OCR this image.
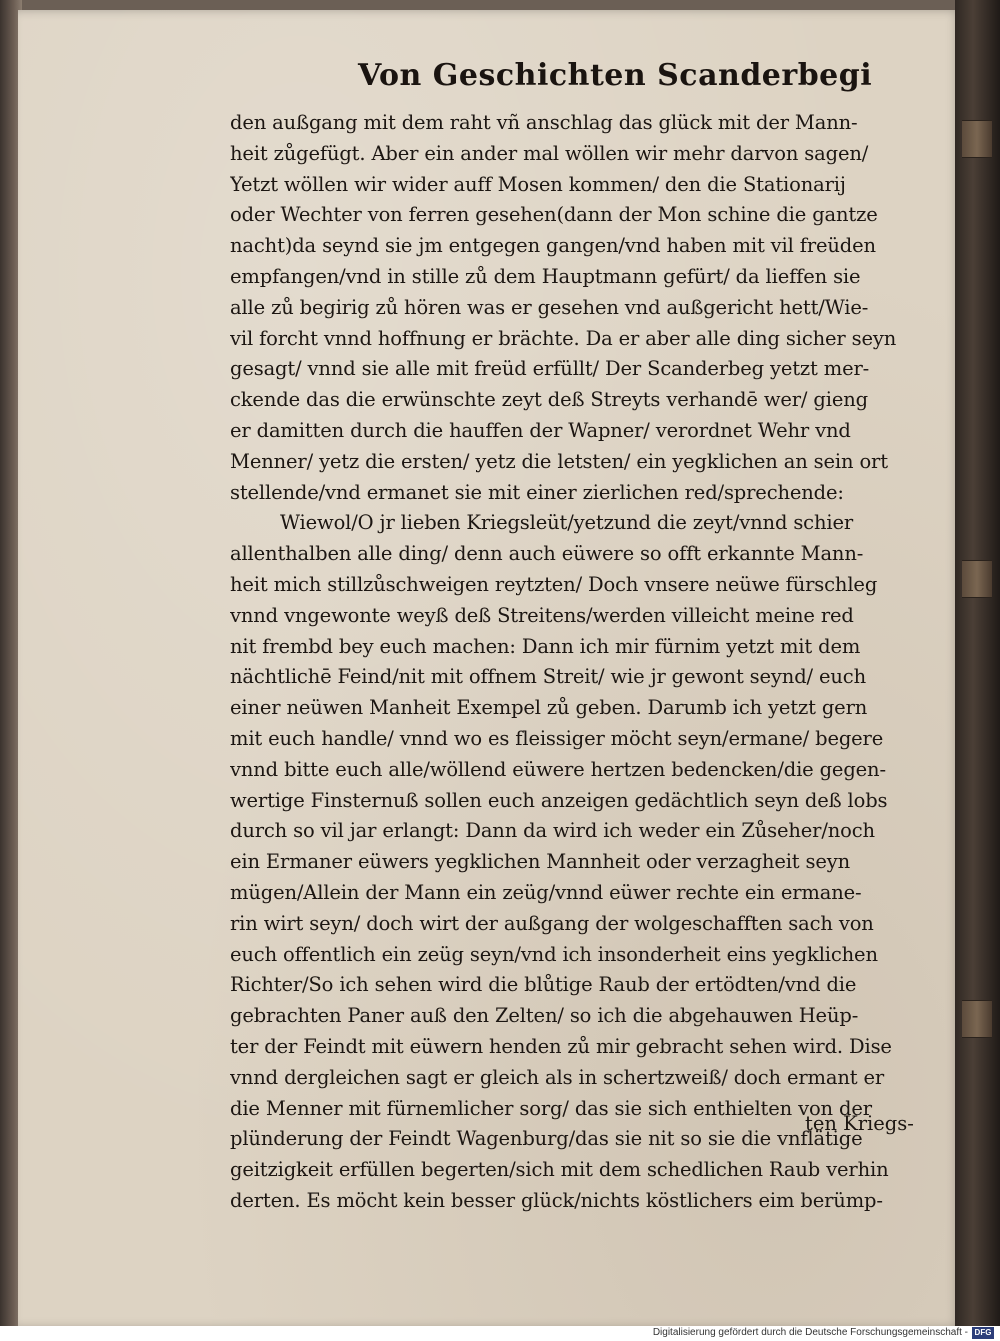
Von Geschichten Scanderbegi
den außgang mit dem raht vñ anschlag das glück mit der Mann-
heit zůgefügt. Aber ein ander mal wöllen wir mehr darvon sagen/
Yetzt wöllen wir wider auff Mosen kommen/ den die Stationarij
oder Wechter von ferren gesehen(dann der Mon schine die gantze
nacht)da seynd sie jm entgegen gangen/vnd haben mit vil freüden
empfangen/vnd in stille zů dem Hauptmann gefürt/ da lieffen sie
alle zů begirig zů hören was er gesehen vnd außgericht hett/Wie-
vil forcht vnnd hoffnung er brächte. Da er aber alle ding sicher seyn
gesagt/ vnnd sie alle mit freüd erfüllt/ Der Scanderbeg yetzt mer-
ckende das die erwünschte zeyt deß Streyts verhandē wer/ gieng
er damitten durch die hauffen der Wapner/ verordnet Wehr vnd
Menner/ yetz die ersten/ yetz die letsten/ ein yegklichen an sein ort
stellende/vnd ermanet sie mit einer zierlichen red/sprechende:
Wiewol/O jr lieben Kriegsleüt/yetzund die zeyt/vnnd schier
allenthalben alle ding/ denn auch eüwere so offt erkannte Mann-
heit mich stillzůschweigen reytzten/ Doch vnsere neüwe fürschleg
vnnd vngewonte weyß deß Streitens/werden villeicht meine red
nit frembd bey euch machen: Dann ich mir fürnim yetzt mit dem
nächtlichē Feind/nit mit offnem Streit/ wie jr gewont seynd/ euch
einer neüwen Manheit Exempel zů geben. Darumb ich yetzt gern
mit euch handle/ vnnd wo es fleissiger möcht seyn/ermane/ begere
vnnd bitte euch alle/wöllend eüwere hertzen bedencken/die gegen-
wertige Finsternuß sollen euch anzeigen gedächtlich seyn deß lobs
durch so vil jar erlangt: Dann da wird ich weder ein Zůseher/noch
ein Ermaner eüwers yegklichen Mannheit oder verzagheit seyn
mügen/Allein der Mann ein zeüg/vnnd eüwer rechte ein ermane-
rin wirt seyn/ doch wirt der außgang der wolgeschafften sach von
euch offentlich ein zeüg seyn/vnd ich insonderheit eins yegklichen
Richter/So ich sehen wird die blůtige Raub der ertödten/vnd die
gebrachten Paner auß den Zelten/ so ich die abgehauwen Heüp-
ter der Feindt mit eüwern henden zů mir gebracht sehen wird. Dise
vnnd dergleichen sagt er gleich als in schertzweiß/ doch ermant er
die Menner mit fürnemlicher sorg/ das sie sich enthielten von der
plünderung der Feindt Wagenburg/das sie nit so sie die vnflätige
geitzigkeit erfüllen begerten/sich mit dem schedlichen Raub verhin
derten. Es möcht kein besser glück/nichts köstlichers eim berümp-
ten Kriegs-
Digitalisierung gefördert durch die Deutsche Forschungsgemeinschaft - DFG
